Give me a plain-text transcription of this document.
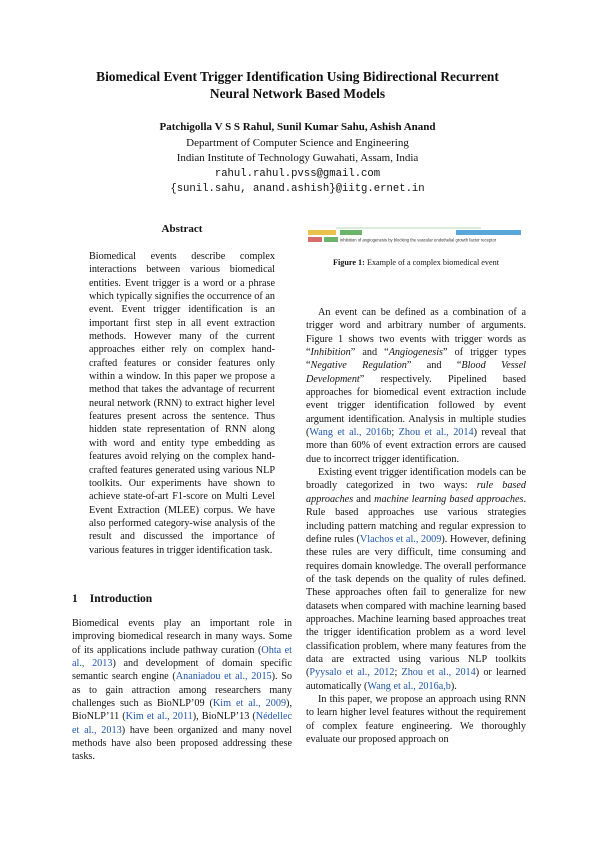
Biomedical Event Trigger Identification Using Bidirectional Recurrent
Neural Network Based Models
Patchigolla V S S Rahul, Sunil Kumar Sahu, Ashish Anand
Department of Computer Science and Engineering
Indian Institute of Technology Guwahati, Assam, India
rahul.rahul.pvss@gmail.com
{sunil.sahu, anand.ashish}@iitg.ernet.in
Abstract
Biomedical events describe complex interactions between various biomedical entities. Event trigger is a word or a phrase which typically signifies the occurrence of an event. Event trigger identification is an important first step in all event extraction methods. However many of the current approaches either rely on complex hand-crafted features or consider features only within a window. In this paper we propose a method that takes the advantage of recurrent neural network (RNN) to extract higher level features present across the sentence. Thus hidden state representation of RNN along with word and entity type embedding as features avoid relying on the complex hand-crafted features generated using various NLP toolkits. Our experiments have shown to achieve state-of-art F1-score on Multi Level Event Extraction (MLEE) corpus. We have also performed category-wise analysis of the result and discussed the importance of various features in trigger identification task.
1 Introduction

Biomedical events play an important role in improving biomedical research in many ways. Some of its applications include pathway curation (Ohta et al., 2013) and development of domain specific semantic search engine (Ananiadou et al., 2015). So as to gain attraction among researchers many challenges such as BioNLP’09 (Kim et al., 2009), BioNLP’11 (Kim et al., 2011), BioNLP’13 (Nédellec et al., 2013) have been organized and many novel methods have also been proposed addressing these tasks.

inhibition of angiogenesis by blocking the vascular endothelial growth factor receptor
Figure 1: Example of a complex biomedical event

An event can be defined as a combination of a trigger word and arbitrary number of arguments. Figure 1 shows two events with trigger words as “Inhibition” and “Angiogenesis” of trigger types “Negative Regulation” and “Blood Vessel Development” respectively. Pipelined based approaches for biomedical event extraction include event trigger identification followed by event argument identification. Analysis in multiple studies (Wang et al., 2016b; Zhou et al., 2014) reveal that more than 60% of event extraction errors are caused due to incorrect trigger identification.

Existing event trigger identification models can be broadly categorized in two ways: rule based approaches and machine learning based approaches. Rule based approaches use various strategies including pattern matching and regular expression to define rules (Vlachos et al., 2009). However, defining these rules are very difficult, time consuming and requires domain knowledge. The overall performance of the task depends on the quality of rules defined. These approaches often fail to generalize for new datasets when compared with machine learning based approaches. Machine learning based approaches treat the trigger identification problem as a word level classification problem, where many features from the data are extracted using various NLP toolkits (Pyysalo et al., 2012; Zhou et al., 2014) or learned automatically (Wang et al., 2016a,b).

In this paper, we propose an approach using RNN to learn higher level features without the requirement of complex feature engineering. We thoroughly evaluate our proposed approach on
